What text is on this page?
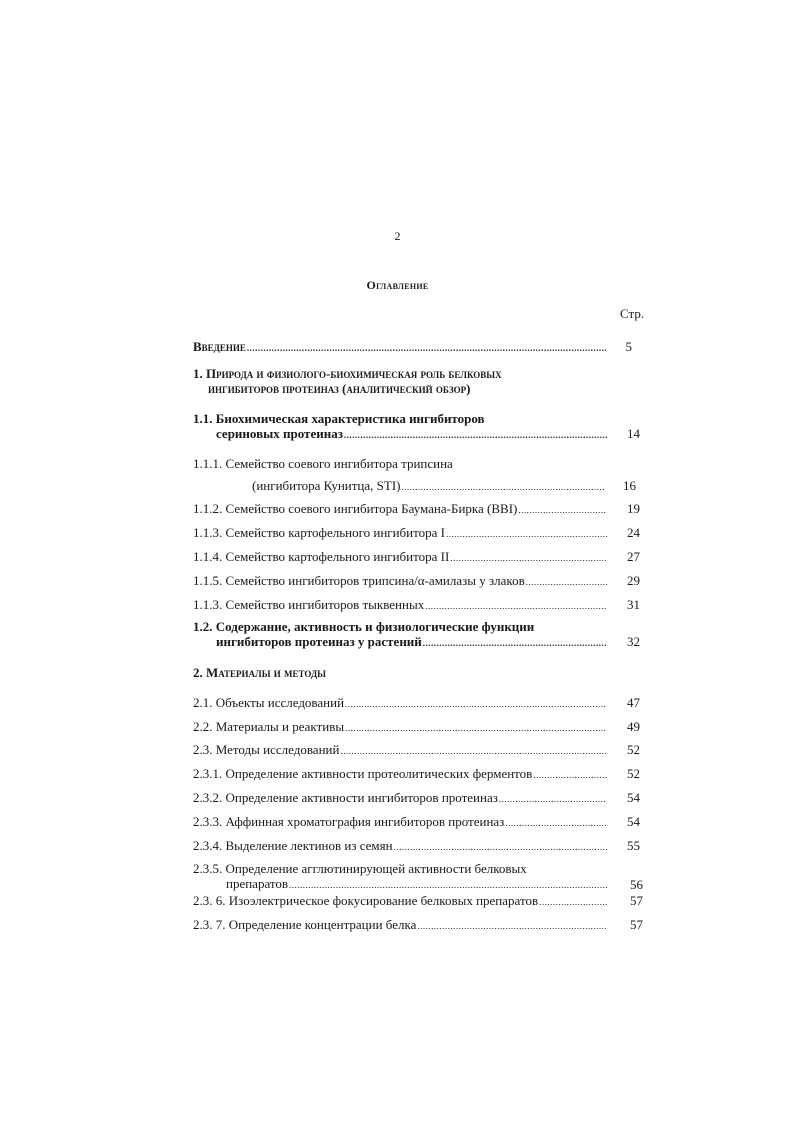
2
Оглавление
Стр.
Введение .....	5
1. Природа и физиолого-биохимическая роль белковых
ингибиторов протеиназ (аналитический обзор)
1.1. Биохимическая характеристика ингибиторов
сериновых протеиназ .....	14
1.1.1. Семейство соевого ингибитора трипсина
(ингибитора Кунитца, STI) .....	16
1.1.2. Семейство соевого ингибитора Баумана-Бирка (BBI) .....	19
1.1.3. Семейство картофельного ингибитора I .....	24
1.1.4. Семейство картофельного ингибитора II .....	27
1.1.5. Семейство ингибиторов трипсина/α-амилазы у злаков .....	29
1.1.3. Семейство ингибиторов тыквенных .....	31
1.2. Содержание, активность и физиологические функции
ингибиторов протеиназ у растений .....	32
2. Материалы и методы
2.1. Объекты исследований .....	47
2.2. Материалы и реактивы .....	49
2.3. Методы исследований .....	52
2.3.1. Определение активности протеолитических ферментов .....	52
2.3.2. Определение активности ингибиторов протеиназ .....	54
2.3.3. Аффинная хроматография ингибиторов протеиназ .....	54
2.3.4. Выделение лектинов из семян .....	55
2.3.5. Определение агглютинирующей активности белковых
препаратов .....	56
2.3. 6. Изоэлектрическое фокусирование белковых препаратов .....	57
2.3. 7. Определение концентрации белка .....	57
